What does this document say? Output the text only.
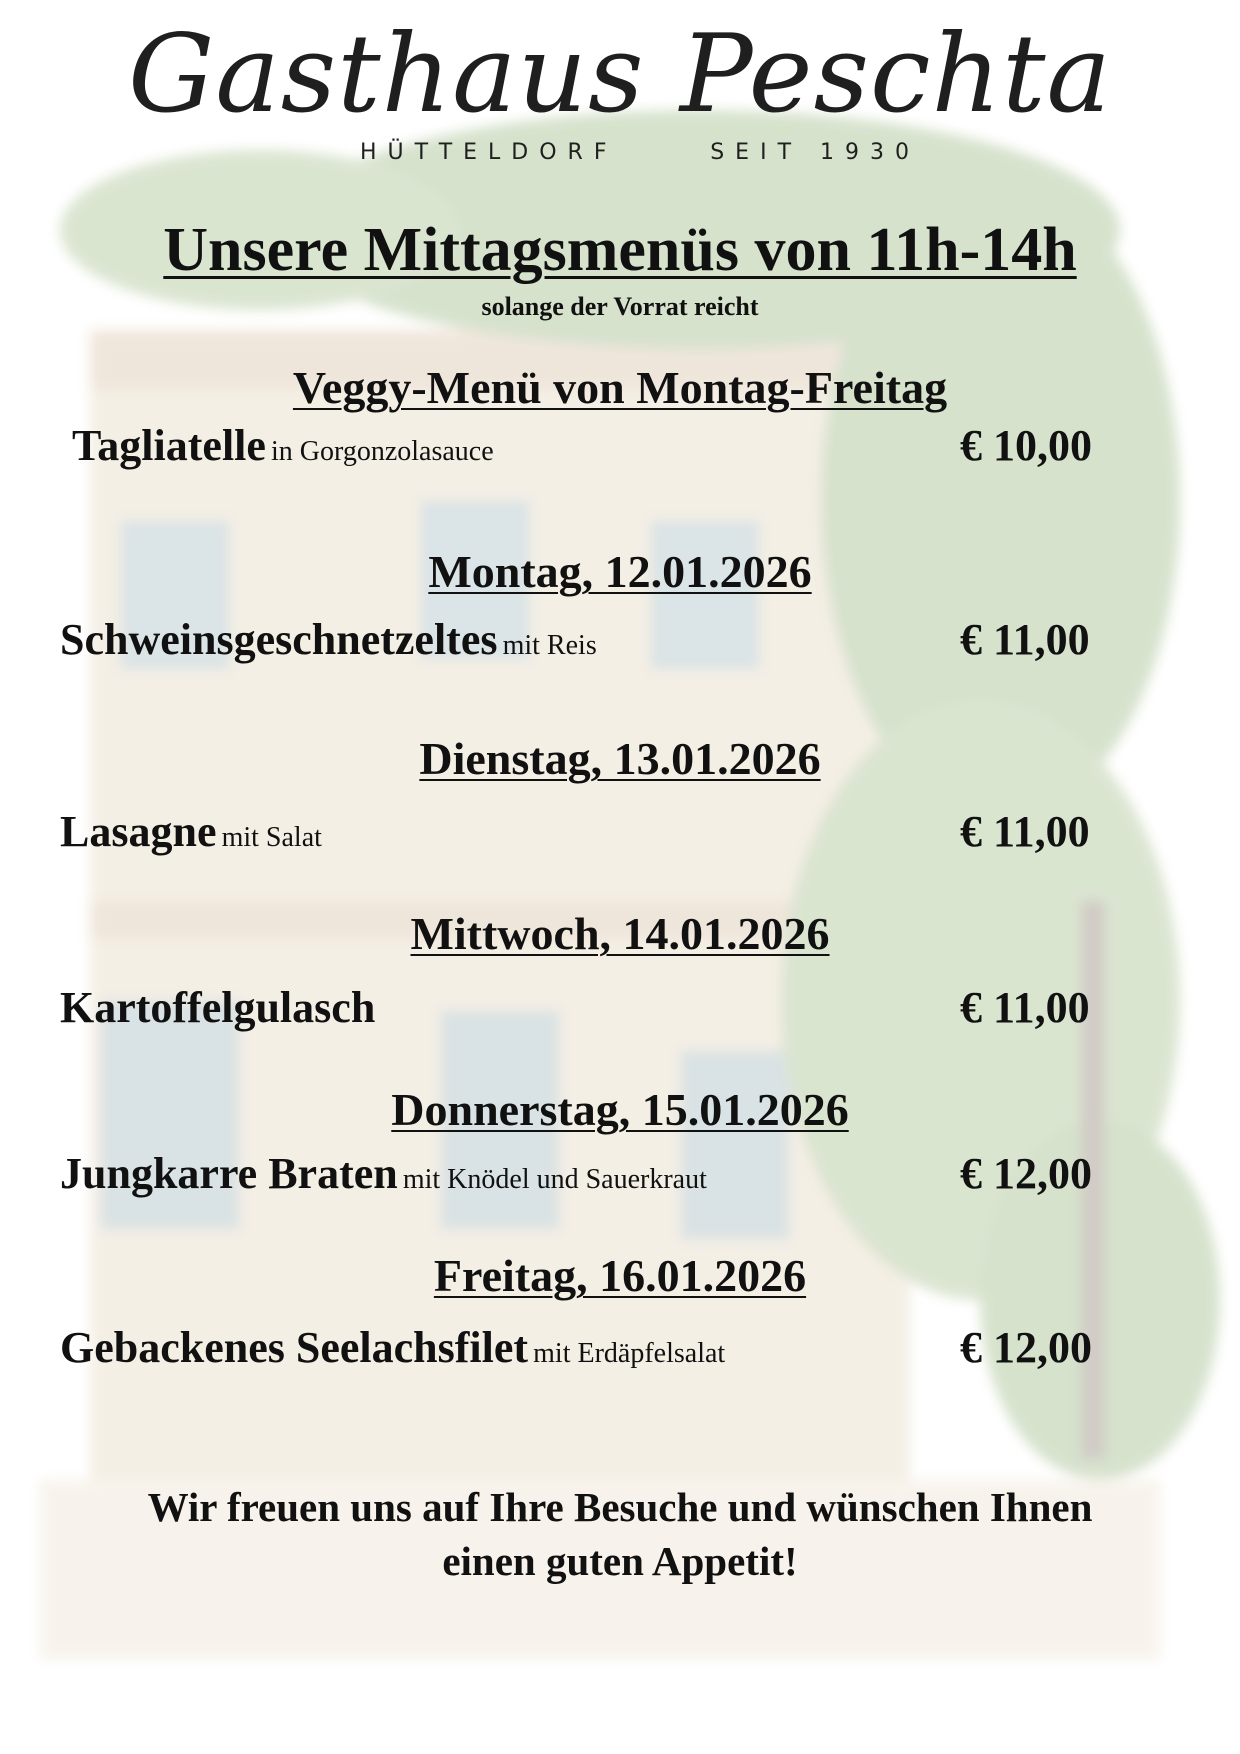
Gasthaus Peschta
HÜTTELDORF	SEIT 1930
Unsere Mittagsmenüs von 11h-14h
solange der Vorrat reicht
Veggy-Menü von Montag-Freitag
Tagliatelle in Gorgonzolasauce	€ 10,00
Montag, 12.01.2026
Schweinsgeschnetzeltes mit Reis	€ 11,00
Dienstag, 13.01.2026
Lasagne mit Salat	€ 11,00
Mittwoch, 14.01.2026
Kartoffelgulasch	€ 11,00
Donnerstag, 15.01.2026
Jungkarre Braten mit Knödel und Sauerkraut	€ 12,00
Freitag, 16.01.2026
Gebackenes Seelachsfilet mit Erdäpfelsalat	€ 12,00
Wir freuen uns auf Ihre Besuche und wünschen Ihnen
einen guten Appetit!
